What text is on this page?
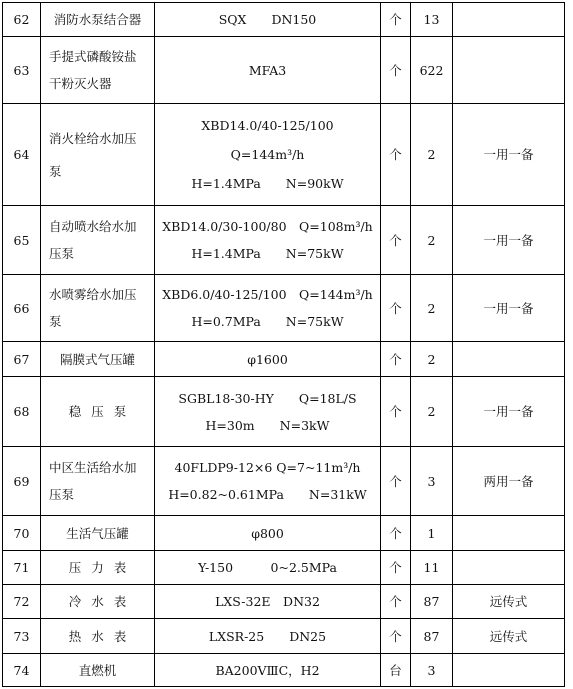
62	消防水泵结合器	SQX　　DN150	个	13	
63	手提式磷酸铵盐
干粉灭火器	MFA3	个	622	
64	消火栓给水加压
泵	XBD14.0/40-125/100
Q=144m³/h
H=1.4MPa　　N=90kW	个	2	一用一备
65	自动喷水给水加
压泵	XBD14.0/30-100/80　Q=108m³/h
H=1.4MPa　　N=75kW	个	2	一用一备
66	水喷雾给水加压
泵	XBD6.0/40-125/100　Q=144m³/h
H=0.7MPa　　N=75kW	个	2	一用一备
67	隔膜式气压罐	φ1600	个	2	
68	稳压泵	SGBL18-30-HY　　Q=18L/S
H=30m　　N=3kW	个	2	一用一备
69	中区生活给水加
压泵	40FLDP9-12×6 Q=7~11m³/h
H=0.82~0.61MPa　　N=31kW	个	3	两用一备
70	生活气压罐	φ800	个	1	
71	压力表	Y-150　　　0~2.5MPa	个	11	
72	冷水表	LXS-32E　DN32	个	87	远传式
73	热水表	LXSR-25　　DN25	个	87	远传式
74	直燃机	BA200VⅢC，H2	台	3	
